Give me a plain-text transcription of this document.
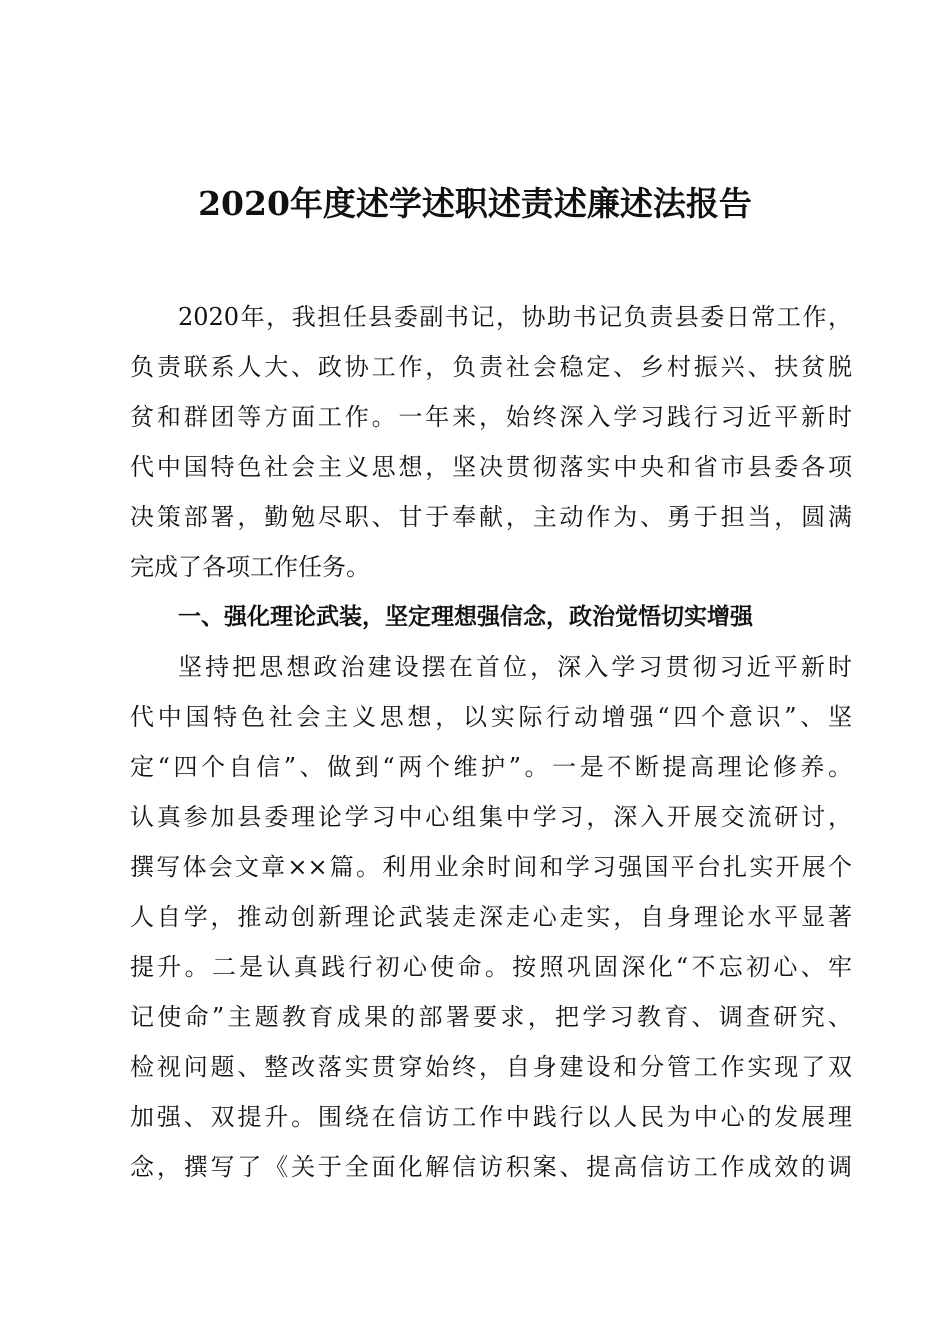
2020年度述学述职述责述廉述法报告
2020年，我担任县委副书记，协助书记负责县委日常工作，
负责联系人大、政协工作，负责社会稳定、乡村振兴、扶贫脱
贫和群团等方面工作。一年来，始终深入学习践行习近平新时
代中国特色社会主义思想，坚决贯彻落实中央和省市县委各项
决策部署，勤勉尽职、甘于奉献，主动作为、勇于担当，圆满
完成了各项工作任务。
一、强化理论武装，坚定理想强信念，政治觉悟切实增强
坚持把思想政治建设摆在首位，深入学习贯彻习近平新时
代中国特色社会主义思想，以实际行动增强“四个意识”、坚
定“四个自信”、做到“两个维护”。一是不断提高理论修养。
认真参加县委理论学习中心组集中学习，深入开展交流研讨，
撰写体会文章××篇。利用业余时间和学习强国平台扎实开展个
人自学，推动创新理论武装走深走心走实，自身理论水平显著
提升。二是认真践行初心使命。按照巩固深化“不忘初心、牢
记使命”主题教育成果的部署要求，把学习教育、调查研究、
检视问题、整改落实贯穿始终，自身建设和分管工作实现了双
加强、双提升。围绕在信访工作中践行以人民为中心的发展理
念，撰写了《关于全面化解信访积案、提高信访工作成效的调
